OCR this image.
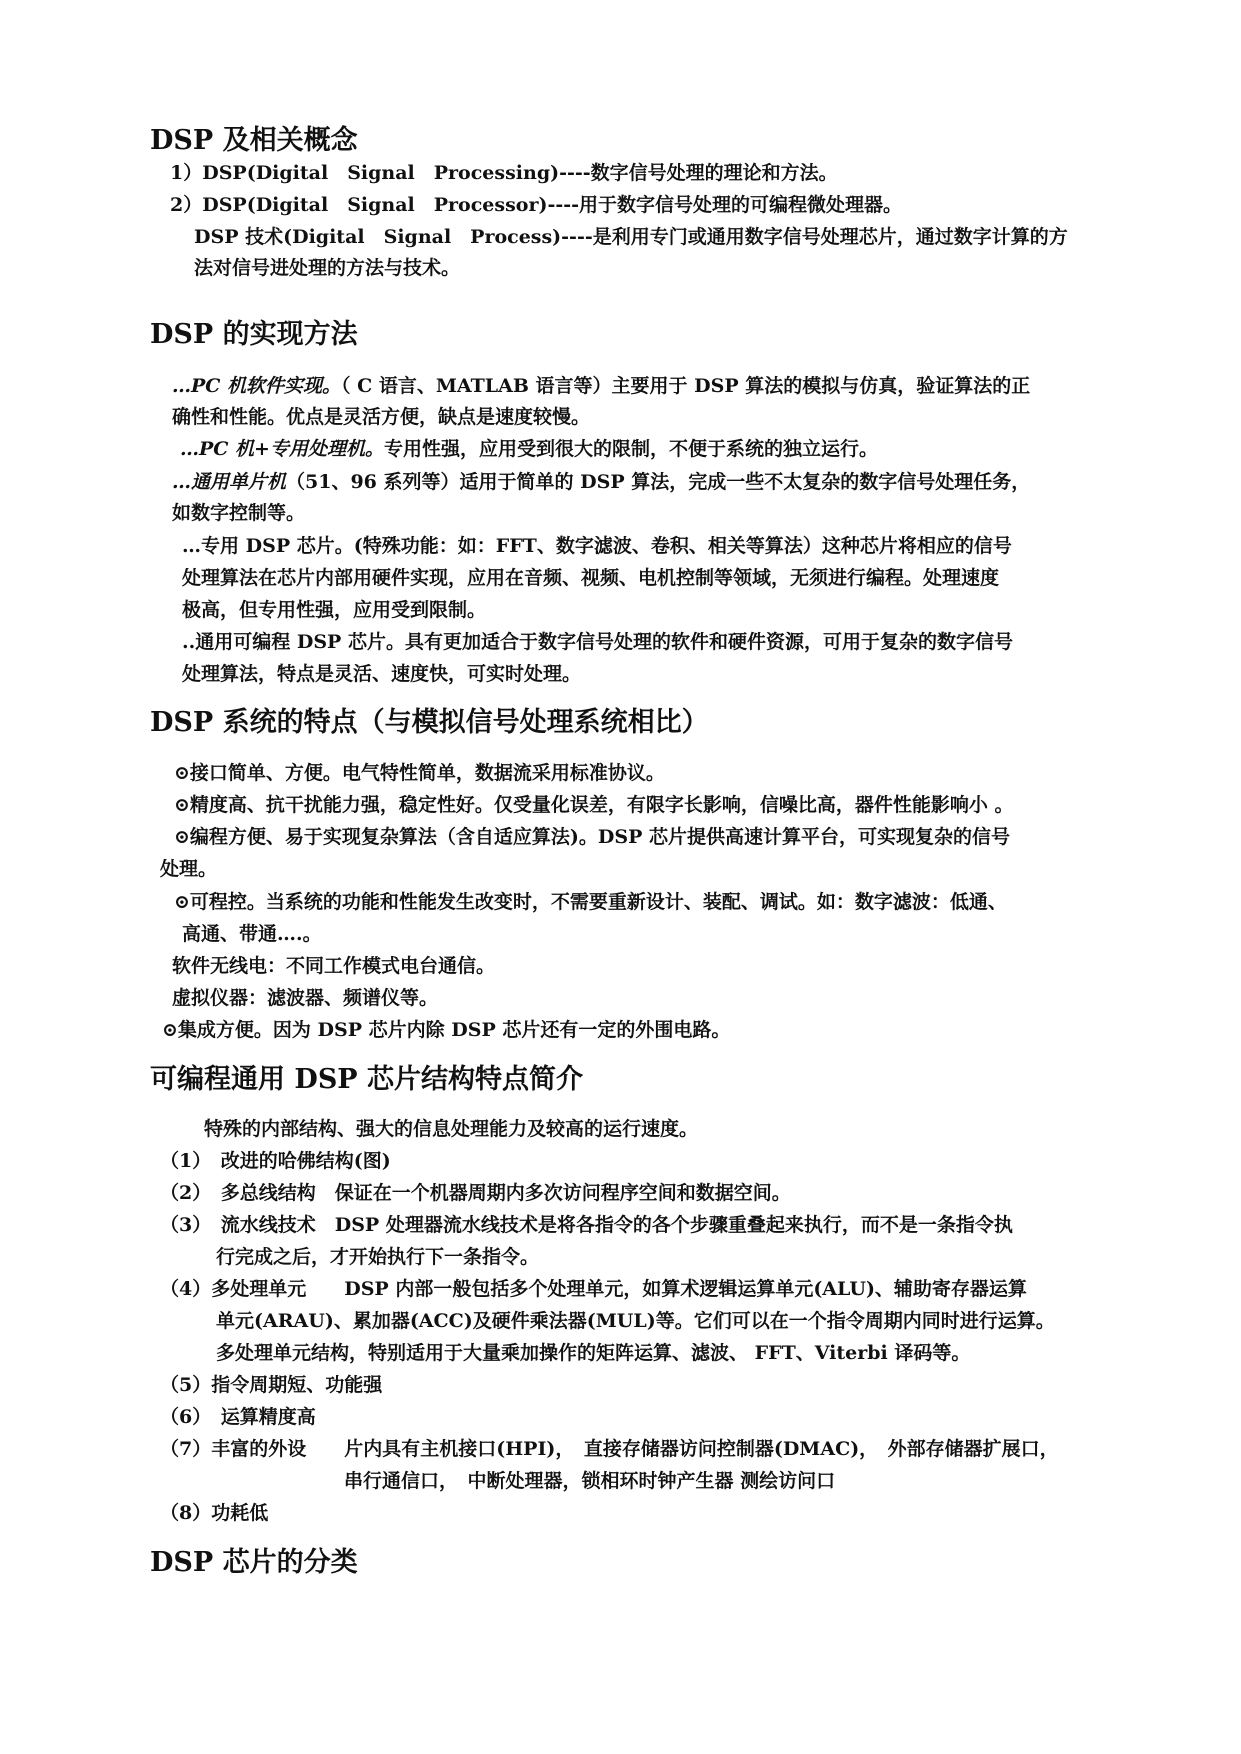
DSP 及相关概念
1）DSP(Digital　Signal　Processing)----数字信号处理的理论和方法。
2）DSP(Digital　Signal　Processor)----用于数字信号处理的可编程微处理器。
DSP 技术(Digital　Signal　Process)----是利用专门或通用数字信号处理芯片，通过数字计算的方
法对信号进处理的方法与技术。
DSP 的实现方法
…PC 机软件实现。（ C 语言、MATLAB 语言等）主要用于 DSP 算法的模拟与仿真，验证算法的正
确性和性能。优点是灵活方便，缺点是速度较慢。
…PC 机+专用处理机。专用性强，应用受到很大的限制，不便于系统的独立运行。
…通用单片机（51、96 系列等）适用于简单的 DSP 算法，完成一些不太复杂的数字信号处理任务，
如数字控制等。
…专用 DSP 芯片。(特殊功能：如：FFT、数字滤波、卷积、相关等算法）这种芯片将相应的信号
处理算法在芯片内部用硬件实现，应用在音频、视频、电机控制等领域，无须进行编程。处理速度
极高，但专用性强，应用受到限制。
..通用可编程 DSP 芯片。具有更加适合于数字信号处理的软件和硬件资源，可用于复杂的数字信号
处理算法，特点是灵活、速度快，可实时处理。
DSP 系统的特点（与模拟信号处理系统相比）
⊙接口简单、方便。电气特性简单，数据流采用标准协议。
⊙精度高、抗干扰能力强，稳定性好。仅受量化误差，有限字长影响，信噪比高，器件性能影响小 。
⊙编程方便、易于实现复杂算法（含自适应算法)。DSP 芯片提供高速计算平台，可实现复杂的信号
处理。
⊙可程控。当系统的功能和性能发生改变时，不需要重新设计、装配、调试。如：数字滤波：低通、
高通、带通….。
软件无线电：不同工作模式电台通信。
虚拟仪器：滤波器、频谱仪等。
⊙集成方便。因为 DSP 芯片内除 DSP 芯片还有一定的外围电路。
可编程通用 DSP 芯片结构特点简介
特殊的内部结构、强大的信息处理能力及较高的运行速度。
（1）　改进的哈佛结构(图)
（2）　多总线结构　保证在一个机器周期内多次访问程序空间和数据空间。
（3）　流水线技术　DSP 处理器流水线技术是将各指令的各个步骤重叠起来执行，而不是一条指令执
行完成之后，才开始执行下一条指令。
（4）多处理单元　　DSP 内部一般包括多个处理单元，如算术逻辑运算单元(ALU)、辅助寄存器运算
单元(ARAU)、累加器(ACC)及硬件乘法器(MUL)等。它们可以在一个指令周期内同时进行运算。
多处理单元结构，特别适用于大量乘加操作的矩阵运算、滤波、 FFT、Viterbi 译码等。
（5）指令周期短、功能强
（6）　运算精度高
（7）丰富的外设　　片内具有主机接口(HPI)，　直接存储器访问控制器(DMAC)，　外部存储器扩展口，
串行通信口，　中断处理器，锁相环时钟产生器 测绘访问口
（8）功耗低
DSP 芯片的分类
